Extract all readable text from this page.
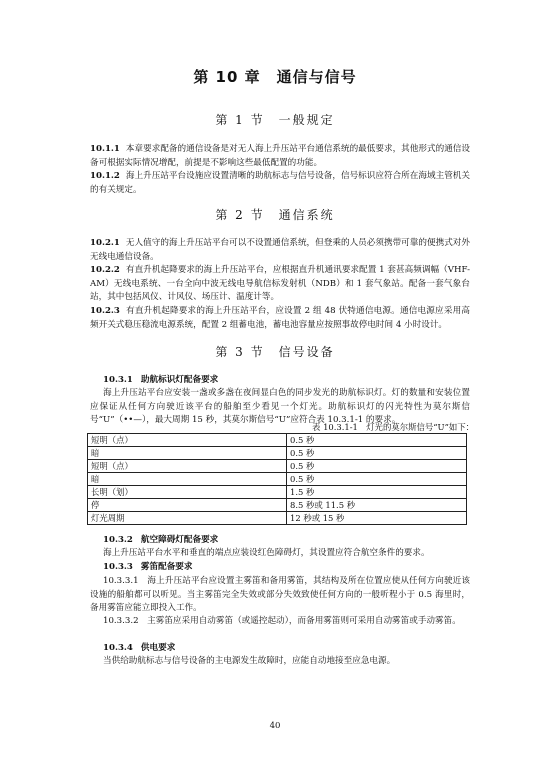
第 10 章　通信与信号
第 1 节　一般规定

10.1.1 本章要求配备的通信设备是对无人海上升压站平台通信系统的最低要求，其他形式的通信设备可根据实际情况增配，前提是不影响这些最低配置的功能。

10.1.2 海上升压站平台设施应设置清晰的助航标志与信号设备，信号标识应符合所在海域主管机关的有关规定。

第 2 节　通信系统

10.2.1 无人值守的海上升压站平台可以不设置通信系统，但登乘的人员必须携带可靠的便携式对外无线电通信设备。

10.2.2 有直升机起降要求的海上升压站平台，应根据直升机通讯要求配置 1 套甚高频调幅（VHF-AM）无线电系统、一台全向中波无线电导航信标发射机（NDB）和 1 套气象站。配备一套气象台站，其中包括风仪、计风仪、场压计、温度计等。

10.2.3 有直升机起降要求的海上升压站平台，应设置 2 组 48 伏特通信电源。通信电源应采用高频开关式稳压稳流电源系统，配置 2 组蓄电池，蓄电池容量应按照事故停电时间 4 小时设计。

第 3 节　信号设备
10.3.1 助航标识灯配备要求

海上升压站平台应安装一盏或多盏在夜间显白色的同步发光的助航标识灯。灯的数量和安装位置应保证从任何方向驶近该平台的船舶至少看见一个灯光。助航标识灯的闪光特性为莫尔斯信号“U”（••—），最大周期 15 秒，其莫尔斯信号“U”应符合表 10.3.1-1 的要求。

表 10.3.1-1　灯光的莫尔斯信号“U”如下：
短明（点）	0.5 秒
暗	0.5 秒
短明（点）	0.5 秒
暗	0.5 秒
长明（划）	1.5 秒
停	8.5 秒或 11.5 秒
灯光周期	12 秒或 15 秒
10.3.2 航空障碍灯配备要求

海上升压站平台水平和垂直的端点应装设红色障碍灯，其设置应符合航空条件的要求。

10.3.3 雾笛配备要求

10.3.3.1　海上升压站平台应设置主雾笛和备用雾笛，其结构及所在位置应使从任何方向驶近该设施的船舶都可以听见。当主雾笛完全失效或部分失效致使任何方向的一般听程小于 0.5 海里时，备用雾笛应能立即投入工作。

10.3.3.2　主雾笛应采用自动雾笛（或遥控起动），而备用雾笛则可采用自动雾笛或手动雾笛。

10.3.4 供电要求

当供给助航标志与信号设备的主电源发生故障时，应能自动地接至应急电源。

40
